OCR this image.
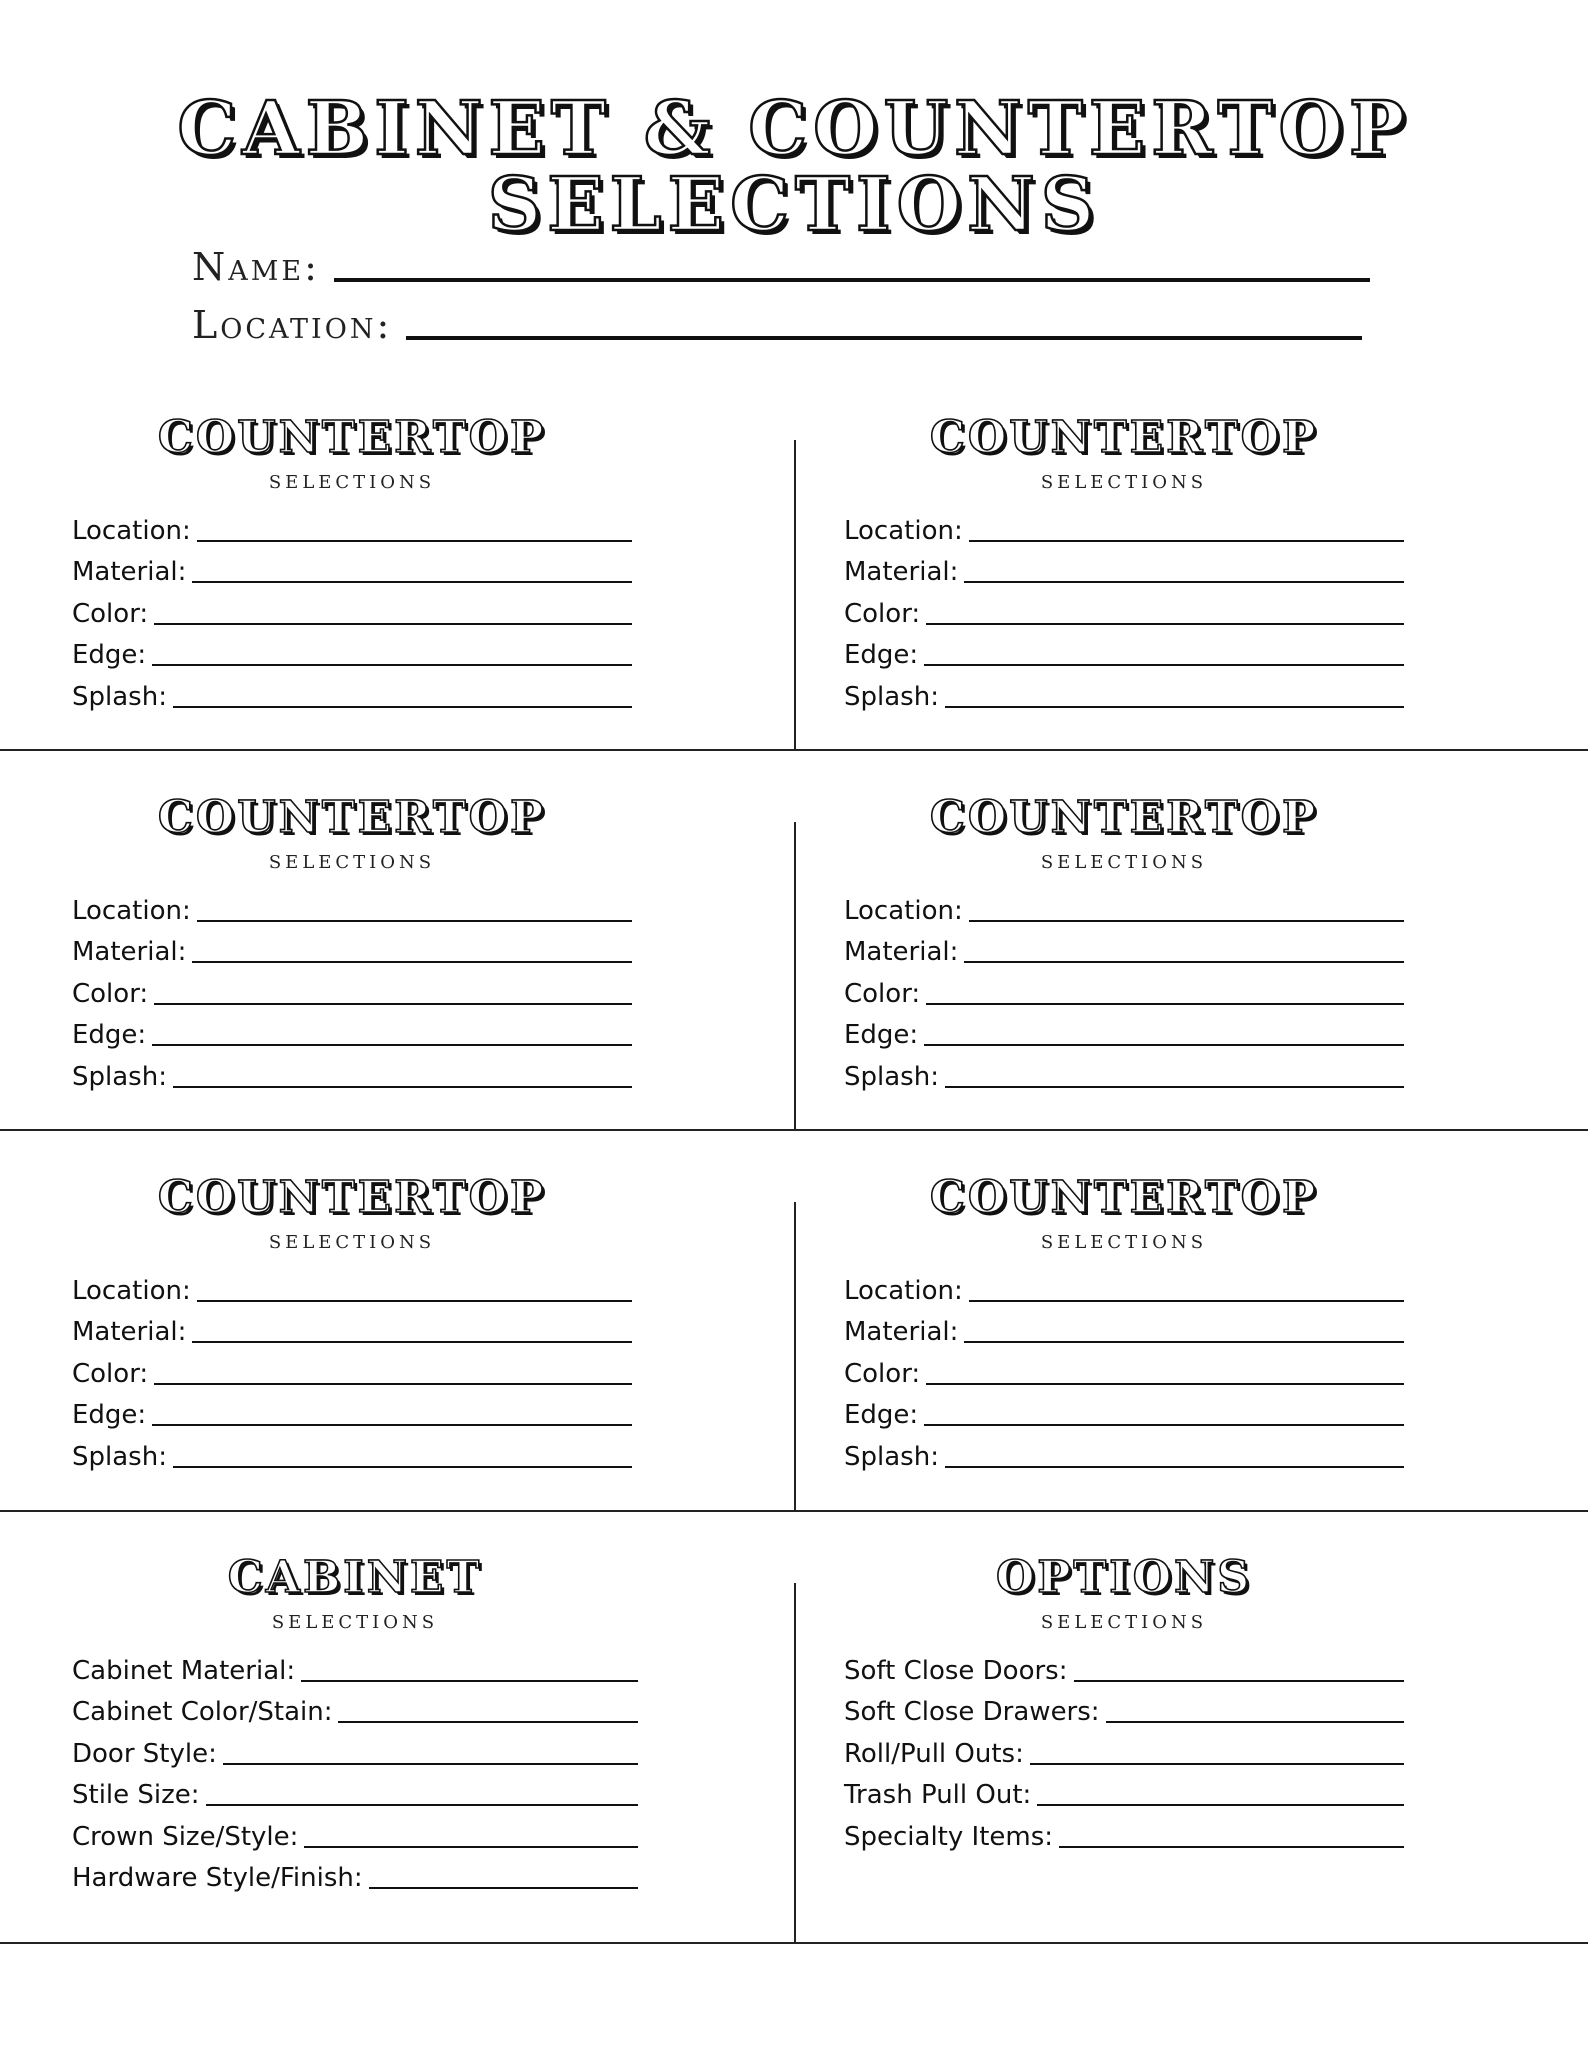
CABINET & COUNTERTOP
SELECTIONS
Name:
Location:
COUNTERTOP
SELECTIONS
Location:
Material:
Color:
Edge:
Splash:
COUNTERTOP
SELECTIONS
Location:
Material:
Color:
Edge:
Splash:
COUNTERTOP
SELECTIONS
Location:
Material:
Color:
Edge:
Splash:
COUNTERTOP
SELECTIONS
Location:
Material:
Color:
Edge:
Splash:
COUNTERTOP
SELECTIONS
Location:
Material:
Color:
Edge:
Splash:
COUNTERTOP
SELECTIONS
Location:
Material:
Color:
Edge:
Splash:
CABINET
SELECTIONS
Cabinet Material:
Cabinet Color/Stain:
Door Style:
Stile Size:
Crown Size/Style:
Hardware Style/Finish:
OPTIONS
SELECTIONS
Soft Close Doors:
Soft Close Drawers:
Roll/Pull Outs:
Trash Pull Out:
Specialty Items:
